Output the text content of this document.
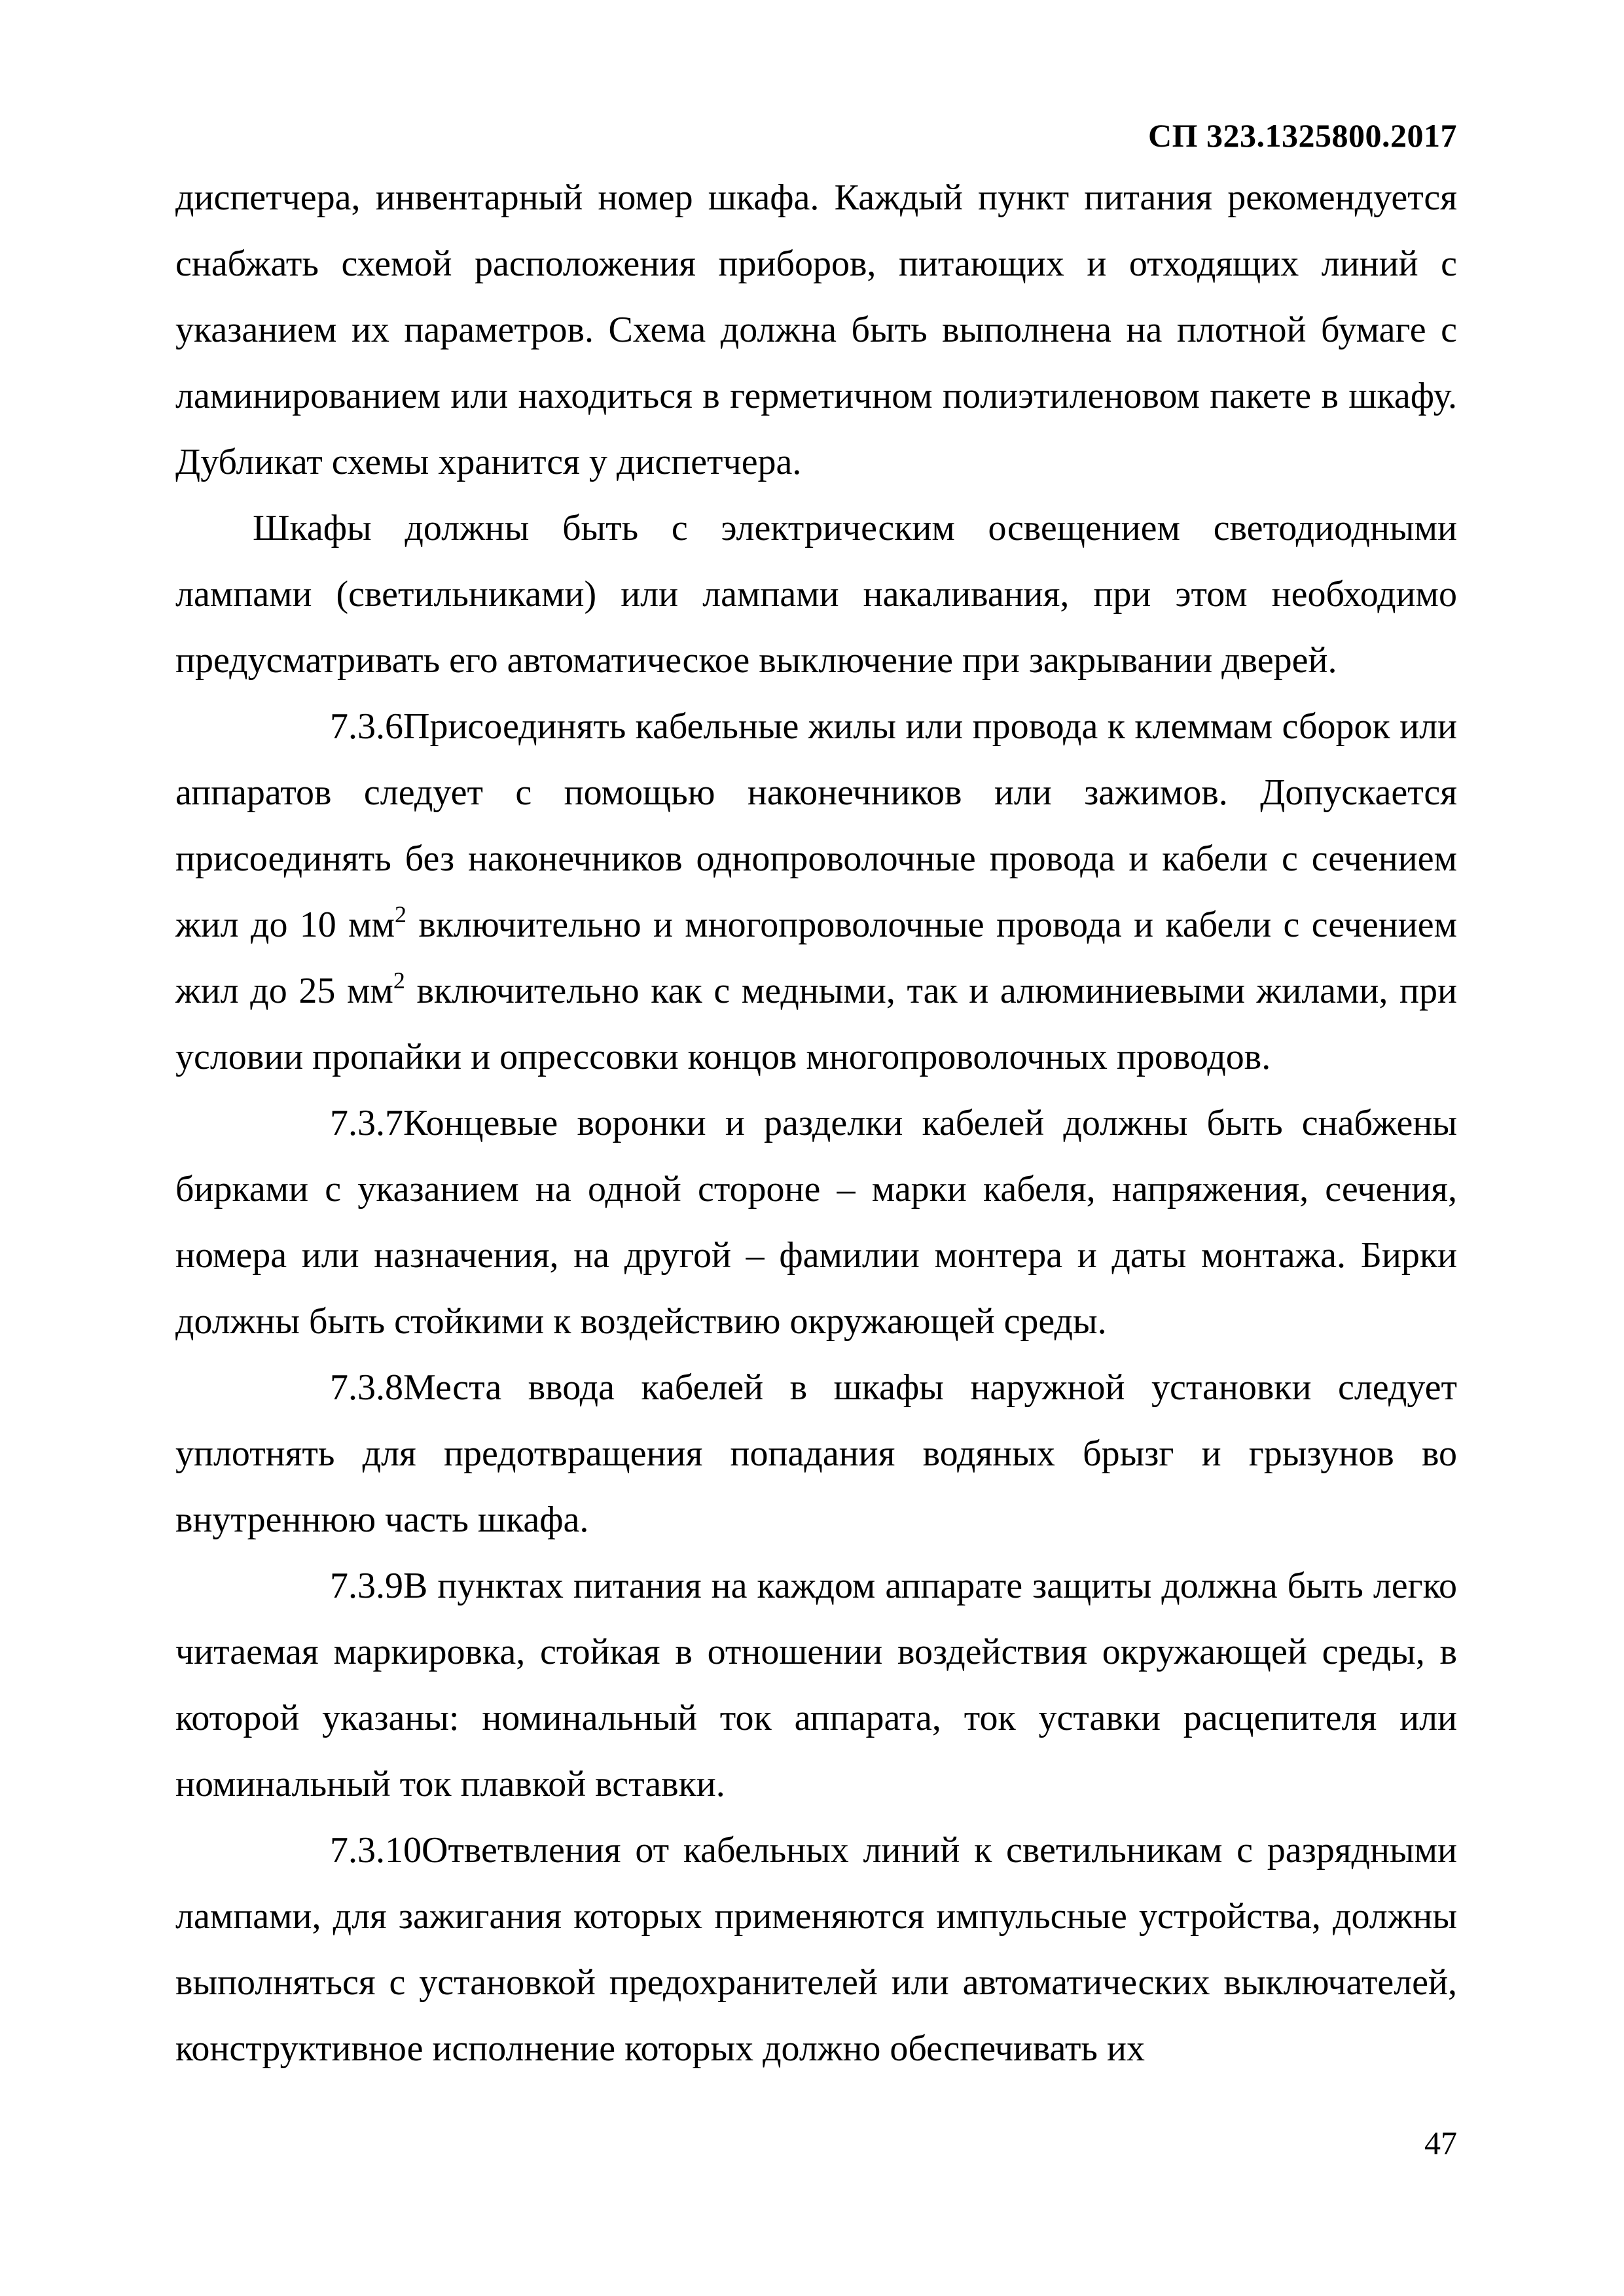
СП 323.1325800.2017

диспетчера, инвентарный номер шкафа. Каждый пункт питания рекомендуется снабжать схемой расположения приборов, питающих и отходящих линий с указанием их параметров. Схема должна быть выполнена на плотной бумаге с ламинированием или находиться в герметичном полиэтиленовом пакете в шкафу. Дубликат схемы хранится у диспетчера.

Шкафы должны быть с электрическим освещением светодиодными лампами (светильниками) или лампами накаливания, при этом необходимо предусматривать его автоматическое выключение при закрывании дверей.

7.3.6Присоединять кабельные жилы или провода к клеммам сборок или аппаратов следует с помощью наконечников или зажимов. Допускается присоединять без наконечников однопроволочные провода и кабели с сечением жил до 10 $мм^2$ включительно и многопроволочные провода и кабели с сечением жил до 25 $мм^2$ включительно как с медными, так и алюминиевыми жилами, при условии пропайки и опрессовки концов многопроволочных проводов.

7.3.7Концевые воронки и разделки кабелей должны быть снабжены бирками с указанием на одной стороне – марки кабеля, напряжения, сечения, номера или назначения, на другой – фамилии монтера и даты монтажа. Бирки должны быть стойкими к воздействию окружающей среды.

7.3.8Места ввода кабелей в шкафы наружной установки следует уплотнять для предотвращения попадания водяных брызг и грызунов во внутреннюю часть шкафа.

7.3.9В пунктах питания на каждом аппарате защиты должна быть легко читаемая маркировка, стойкая в отношении воздействия окружающей среды, в которой указаны: номинальный ток аппарата, ток уставки расцепителя или номинальный ток плавкой вставки.

7.3.10Ответвления от кабельных линий к светильникам с разрядными лампами, для зажигания которых применяются импульсные устройства, должны выполняться с установкой предохранителей или автоматических выключателей, конструктивное исполнение которых должно обеспечивать их

47
